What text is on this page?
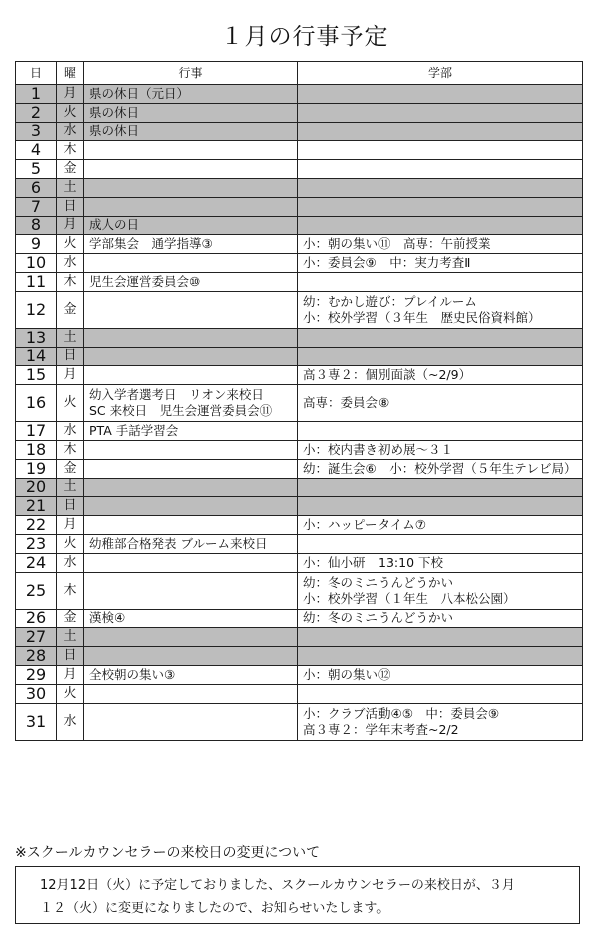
１月の行事予定
日	曜	行事	学部
1	月	県の休日（元日）	

2	火	県の休日	

3	水	県の休日	

4	木		
5	金		
6	土		
7	日		
8	月	成人の日	

9	火	学部集会　通学指導③	小：朝の集い⑪　高専：午前授業

10	水		小：委員会⑨　中：実力考査Ⅱ

11	木	児生会運営委員会⑩	

12	金		幼：むかし遊び：プレイルーム
小：校外学習（３年生　歴史民俗資料館）

13	土		
14	日		
15	月		高３専２：個別面談（~2/9）

16	火	幼入学者選考日　リオン来校日
SC 来校日　児生会運営委員会⑪	高専：委員会⑧

17	水	PTA 手話学習会	

18	木		小：校内書き初め展～３１

19	金		幼：誕生会⑥　小：校外学習（５年生テレビ局）

20	土		
21	日		
22	月		小：ハッピータイム⑦

23	火	幼稚部合格発表 ブルーム来校日	

24	水		小：仙小研　13:10 下校

25	木		幼：冬のミニうんどうかい
小：校外学習（１年生　八本松公園）

26	金	漢検④	幼：冬のミニうんどうかい

27	土		
28	日		
29	月	全校朝の集い③	小：朝の集い⑫

30	火		
31	水		小：クラブ活動④⑤　中：委員会⑨
高３専２：学年末考査~2/2
※スクールカウンセラーの来校日の変更について
12月12日（火）に予定しておりました、スクールカウンセラーの来校日が、３月
１２（火）に変更になりましたので、お知らせいたします。
